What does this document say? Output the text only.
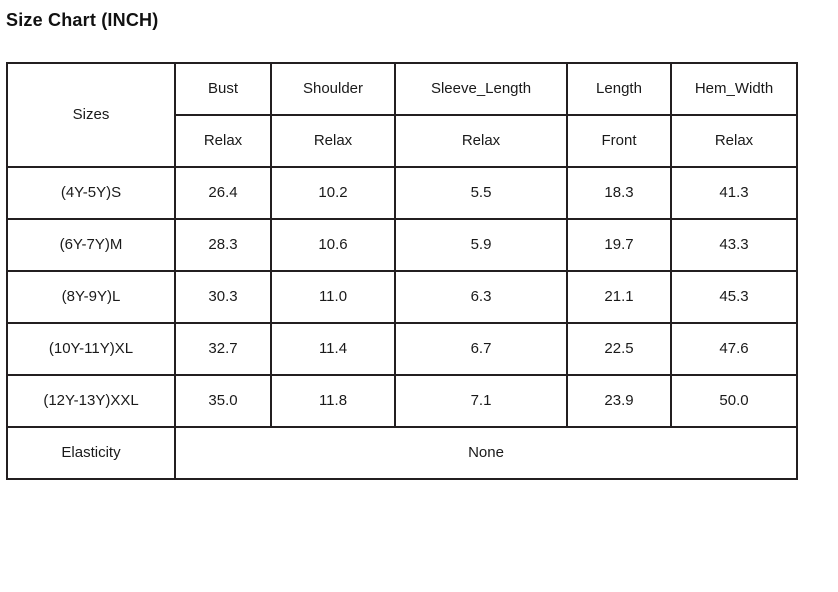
Size Chart (INCH)
Sizes	Bust	Shoulder	Sleeve_Length	Length	Hem_Width
	Relax	Relax	Relax	Front	Relax
(4Y-5Y)S	26.4	10.2	5.5	18.3	41.3
(6Y-7Y)M	28.3	10.6	5.9	19.7	43.3
(8Y-9Y)L	30.3	11.0	6.3	21.1	45.3
(10Y-11Y)XL	32.7	11.4	6.7	22.5	47.6
(12Y-13Y)XXL	35.0	11.8	7.1	23.9	50.0
Elasticity	None				
